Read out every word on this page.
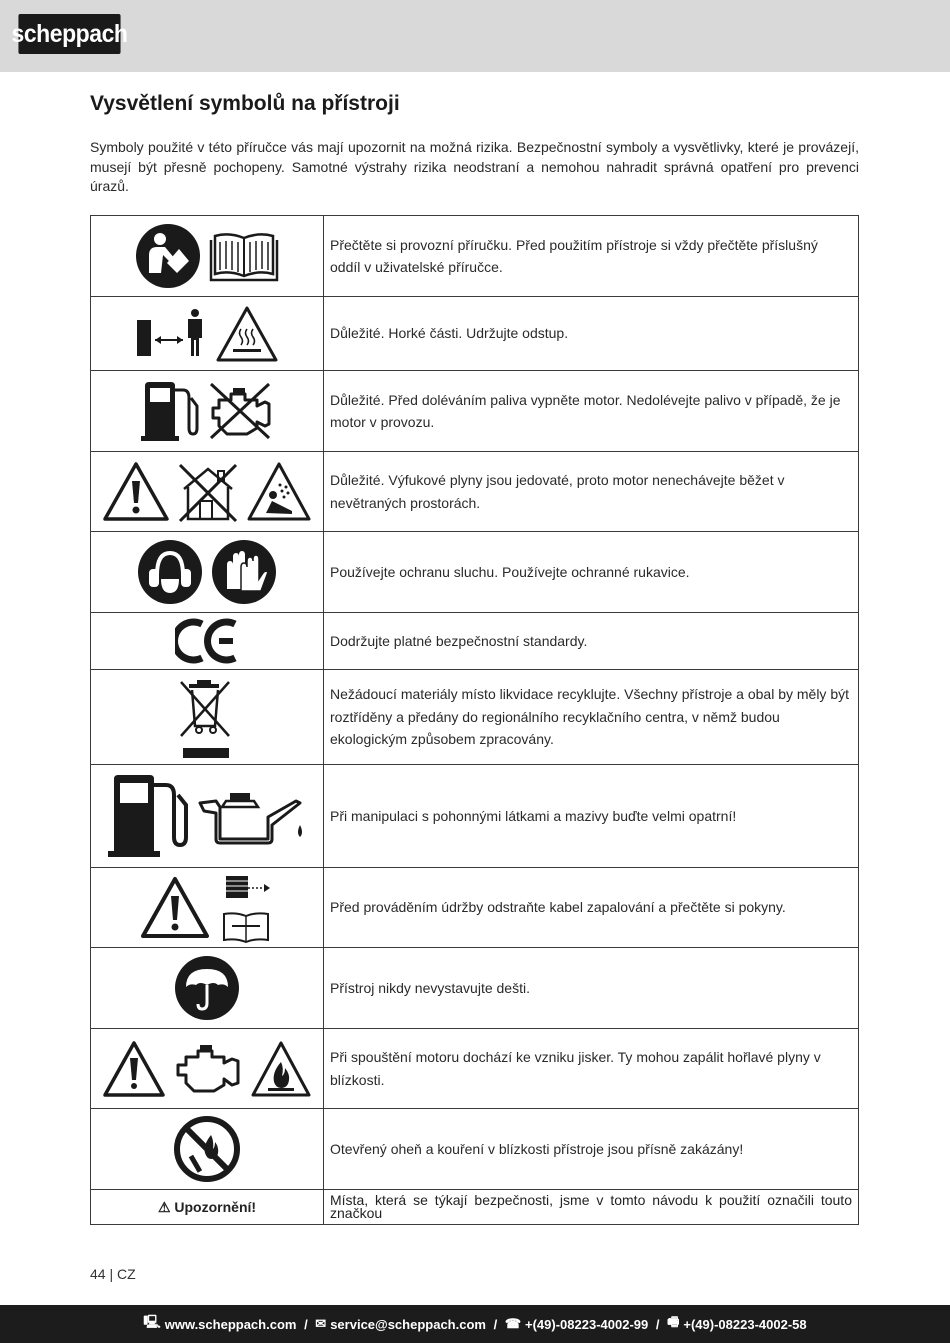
scheppach
Vysvětlení symbolů na přístroji

Symboly použité v této příručce vás mají upozornit na možná rizika. Bezpečnostní symboly a vysvětlivky, které je provázejí, musejí být přesně pochopeny. Samotné výstrahy rizika neodstraní a nemohou nahradit správná opatření pro prevenci úrazů.

	Přečtěte si provozní příručku. Před použitím přístroje si vždy přečtěte příslušný oddíl v uživatelské příručce.
	Důležité. Horké části. Udržujte odstup.
	Důležité. Před doléváním paliva vypněte motor. Nedolévejte palivo v případě, že je motor v provozu.
	Důležité. Výfukové plyny jsou jedovaté, proto motor nenechávejte běžet v nevětraných prostorách.
	Používejte ochranu sluchu. Používejte ochranné rukavice.
	Dodržujte platné bezpečnostní standardy.
	Nežádoucí materiály místo likvidace recyklujte. Všechny přístroje a obal by měly být roztříděny a předány do regionálního recyklačního centra, v němž budou ekologickým způsobem zpracovány.
	Při manipulaci s pohonnými látkami a mazivy buďte velmi opatrní!
	Před prováděním údržby odstraňte kabel zapalování a přečtěte si pokyny.
	Přístroj nikdy nevystavujte dešti.
	Při spouštění motoru dochází ke vzniku jisker. Ty mohou zapálit hořlavé plyny v blízkosti.
	Otevřený oheň a kouření v blízkosti přístroje jsou přísně zakázány!
⚠ Upozornění!	Místa, která se týkají bezpečnosti, jsme v tomto návodu k použití označili touto značkou
44 | CZ
🖳 www.scheppach.com / ✉ service@scheppach.com / ☎ +(49)-08223-4002-99 / 🖷 +(49)-08223-4002-58
